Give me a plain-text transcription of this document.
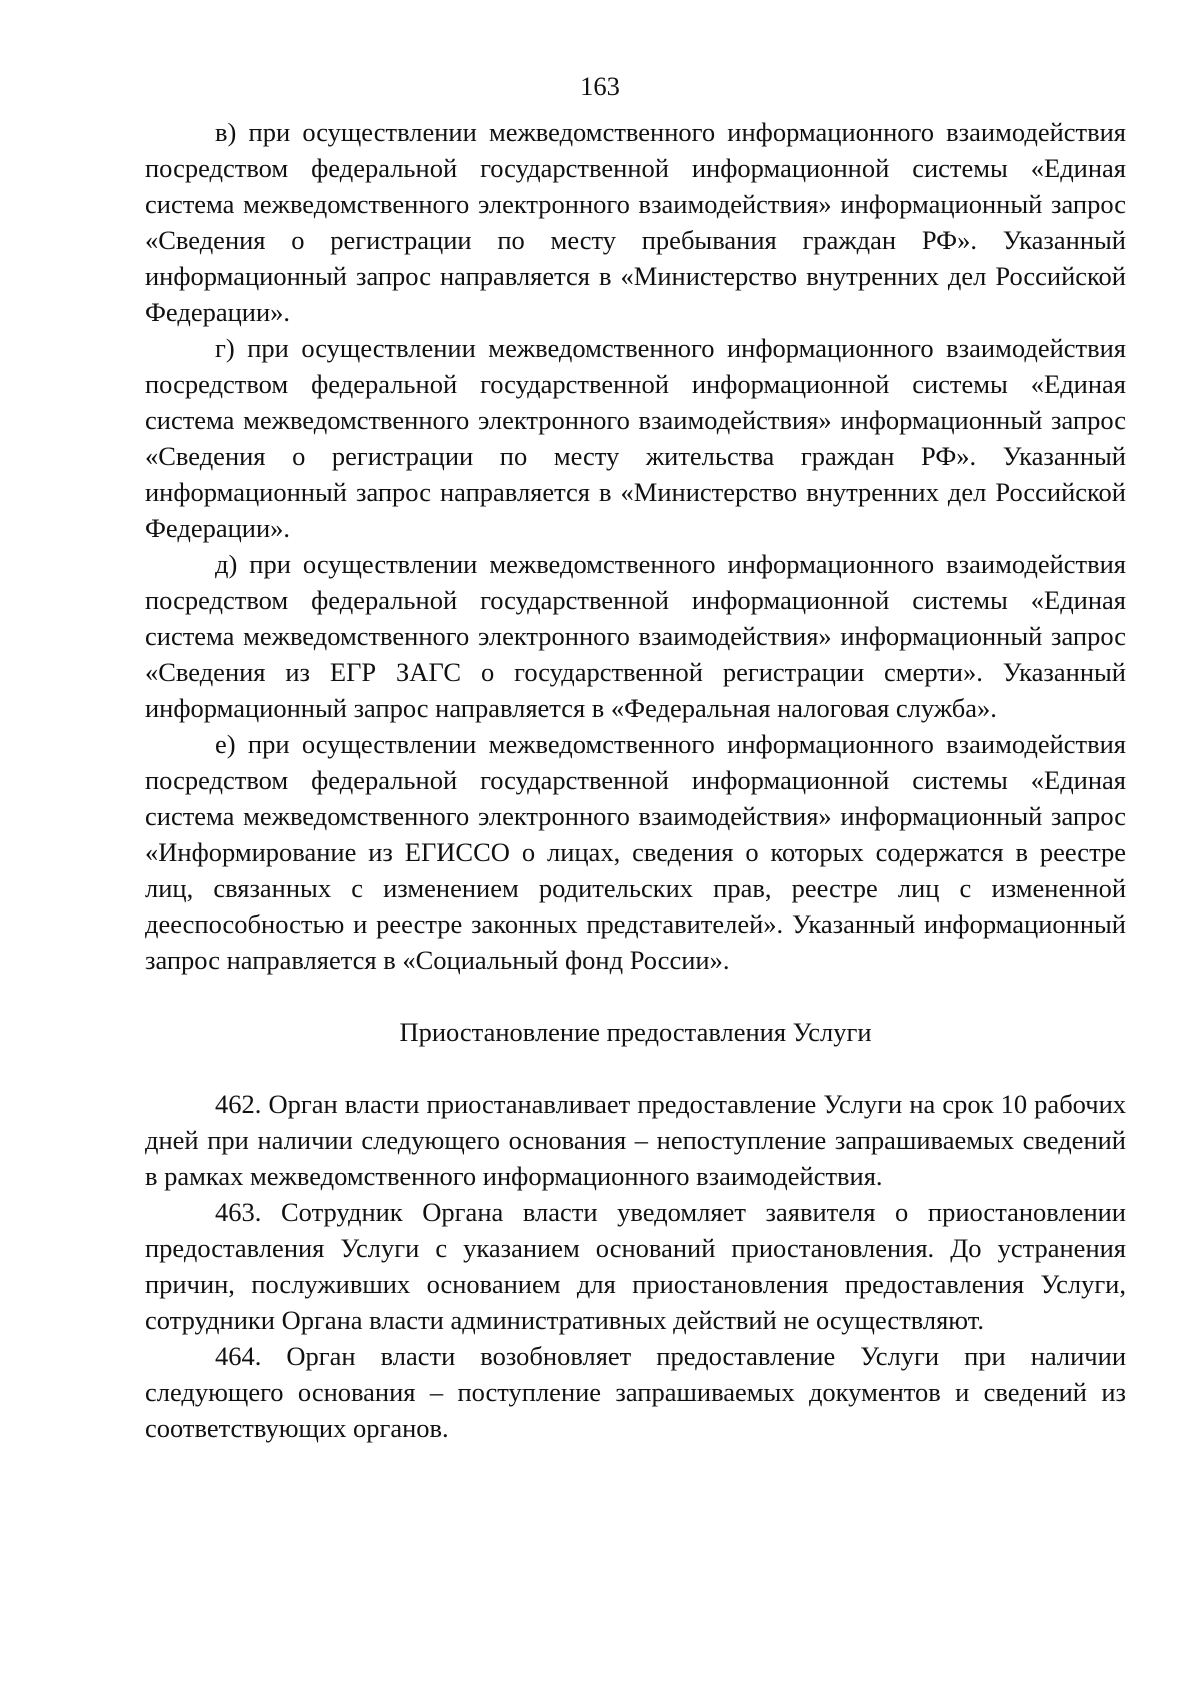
163

в) при осуществлении межведомственного информационного взаимодействия посредством федеральной государственной информационной системы «Единая система межведомственного электронного взаимодействия» информационный запрос «Сведения о регистрации по месту пребывания граждан РФ». Указанный информационный запрос направляется в «Министерство внутренних дел Российской Федерации».

г) при осуществлении межведомственного информационного взаимодействия посредством федеральной государственной информационной системы «Единая система межведомственного электронного взаимодействия» информационный запрос «Сведения о регистрации по месту жительства граждан РФ». Указанный информационный запрос направляется в «Министерство внутренних дел Российской Федерации».

д) при осуществлении межведомственного информационного взаимодействия посредством федеральной государственной информационной системы «Единая система межведомственного электронного взаимодействия» информационный запрос «Сведения из ЕГР ЗАГС о государственной регистрации смерти». Указанный информационный запрос направляется в «Федеральная налоговая служба».

е) при осуществлении межведомственного информационного взаимодействия посредством федеральной государственной информационной системы «Единая система межведомственного электронного взаимодействия» информационный запрос «Информирование из ЕГИССО о лицах, сведения о которых содержатся в реестре лиц, связанных с изменением родительских прав, реестре лиц с измененной дееспособностью и реестре законных представителей». Указанный информационный запрос направляется в «Социальный фонд России».

Приостановление предоставления Услуги

462. Орган власти приостанавливает предоставление Услуги на срок 10 рабочих дней при наличии следующего основания – непоступление запрашиваемых сведений в рамках межведомственного информационного взаимодействия.

463. Сотрудник Органа власти уведомляет заявителя о приостановлении предоставления Услуги с указанием оснований приостановления. До устранения причин, послуживших основанием для приостановления предоставления Услуги, сотрудники Органа власти административных действий не осуществляют.

464. Орган власти возобновляет предоставление Услуги при наличии следующего основания – поступление запрашиваемых документов и сведений из соответствующих органов.
